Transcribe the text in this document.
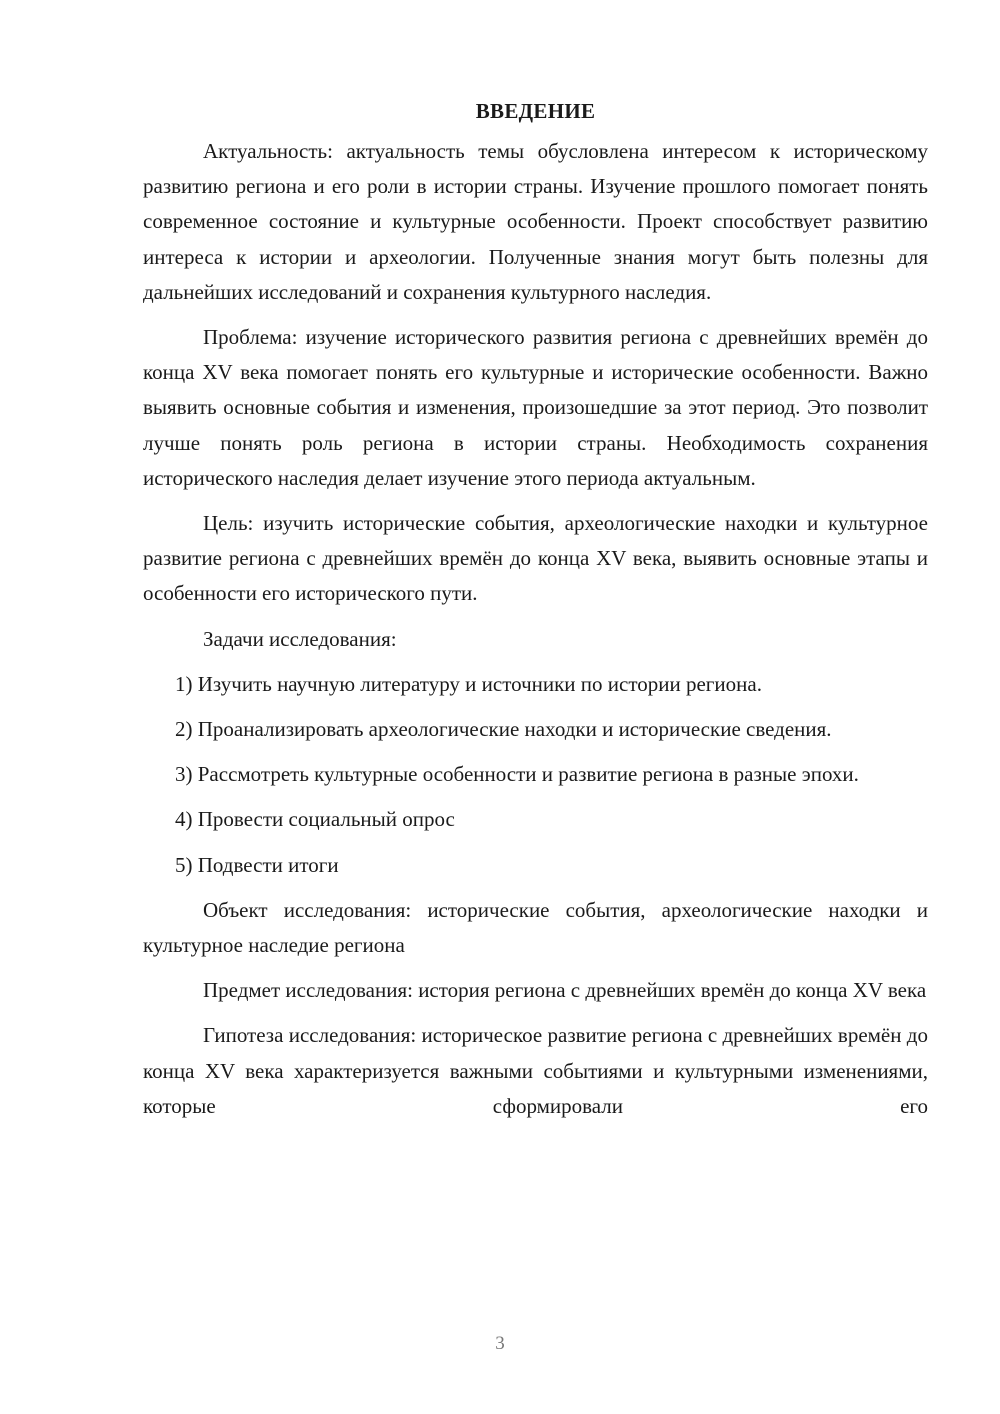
ВВЕДЕНИЕ

Актуальность: актуальность темы обусловлена интересом к историческому развитию региона и его роли в истории страны. Изучение прошлого помогает понять современное состояние и культурные особенности. Проект способствует развитию интереса к истории и археологии. Полученные знания могут быть полезны для дальнейших исследований и сохранения культурного наследия.

Проблема: изучение исторического развития региона с древнейших времён до конца XV века помогает понять его культурные и исторические особенности. Важно выявить основные события и изменения, произошедшие за этот период. Это позволит лучше понять роль региона в истории страны. Необходимость сохранения исторического наследия делает изучение этого периода актуальным.

Цель: изучить исторические события, археологические находки и культурное развитие региона с древнейших времён до конца XV века, выявить основные этапы и особенности его исторического пути.

Задачи исследования:

1) Изучить научную литературу и источники по истории региона.

2) Проанализировать археологические находки и исторические сведения.

3) Рассмотреть культурные особенности и развитие региона в разные эпохи.

4) Провести социальный опрос

5) Подвести итоги

Объект исследования: исторические события, археологические находки и культурное наследие региона

Предмет исследования: история региона с древнейших времён до конца XV века

Гипотеза исследования: историческое развитие региона с древнейших времён до конца XV века характеризуется важными событиями и культурными изменениями, которые сформировали его

3
